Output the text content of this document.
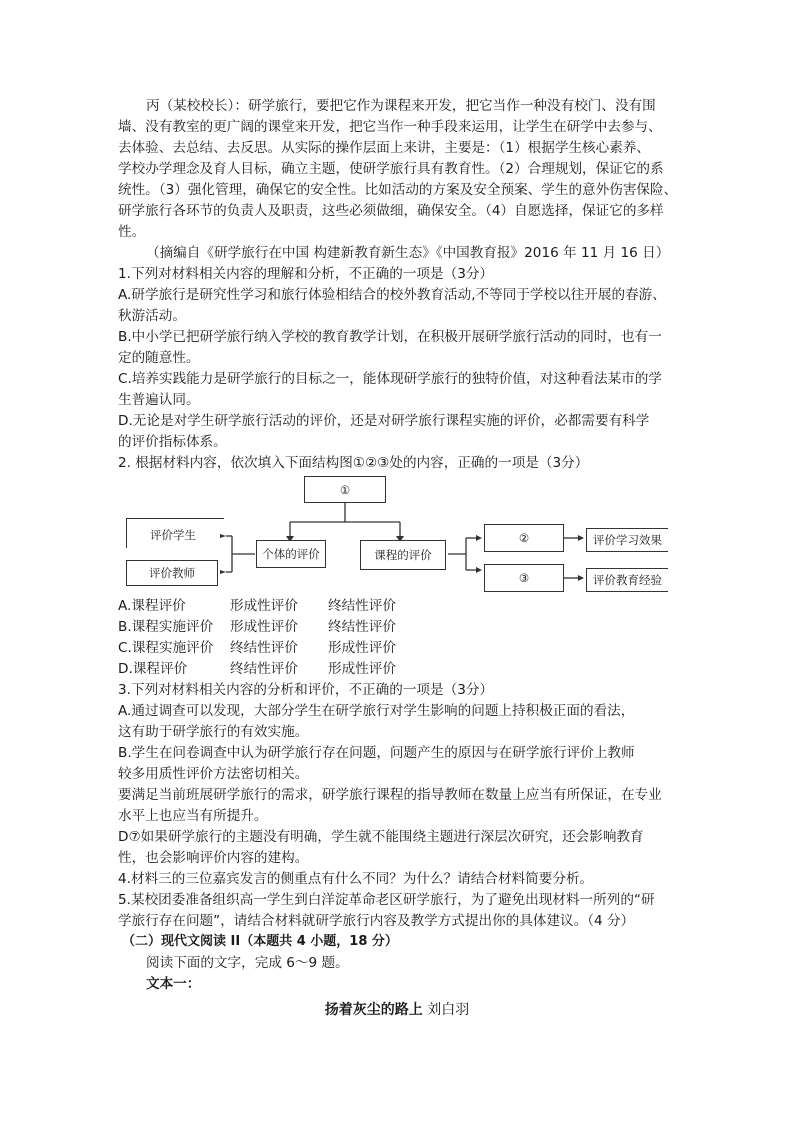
丙（某校校长）：研学旅行，要把它作为课程来开发，把它当作一种没有校门、没有围
墙、没有教室的更广阔的课堂来开发，把它当作一种手段来运用，让学生在研学中去参与、
去体验、去总结、去反思。从实际的操作层面上来讲，主要是：（1）根据学生核心素养、
学校办学理念及育人目标，确立主题，使研学旅行具有教育性。（2）合理规划，保证它的系
统性。（3）强化管理，确保它的安全性。比如活动的方案及安全预案、学生的意外伤害保险、
研学旅行各环节的负责人及职责，这些必须做细，确保安全。（4）自愿选择，保证它的多样
性。
（摘编自《研学旅行在中国 构建新教育新生态》《中国教育报》2016 年 11 月 16 日）
1.下列对材料相关内容的理解和分析，不正确的一项是（3分）
A.研学旅行是研究性学习和旅行体验相结合的校外教育活动,不等同于学校以往开展的春游、
秋游活动。
B.中小学已把研学旅行纳入学校的教育教学计划，在积极开展研学旅行活动的同时，也有一
定的随意性。
C.培养实践能力是研学旅行的目标之一，能体现研学旅行的独特价值，对这种看法某市的学
生普遍认同。
D.无论是对学生研学旅行活动的评价，还是对研学旅行课程实施的评价，必都需要有科学
的评价指标体系。
2. 根据材料内容，依次填入下面结构图①②③处的内容，正确的一项是（3分）
①
评价学生
评价教师
个体的评价	课程的评价
②
③
评价学习效果
评价教育经验
A.课程评价	形成性评价 终结性评价
B.课程实施评价 形成性评价 终结性评价
C.课程实施评价 终结性评价 形成性评价
D.课程评价	终结性评价 形成性评价
3.下列对材料相关内容的分析和评价，不正确的一项是（3分）
A.通过调查可以发现，大部分学生在研学旅行对学生影响的问题上持积极正面的看法，
这有助于研学旅行的有效实施。
B.学生在问卷调查中认为研学旅行存在问题，问题产生的原因与在研学旅行评价上教师
较多用质性评价方法密切相关。
要满足当前班展研学旅行的需求，研学旅行课程的指导教师在数量上应当有所保证，在专业
水平上也应当有所提升。
D⑦如果研学旅行的主题没有明确，学生就不能围绕主题进行深层次研究，还会影响教育
性，也会影响评价内容的建构。
4.材料三的三位嘉宾发言的侧重点有什么不同？为什么？请结合材料简要分析。
5.某校团委准备组织高一学生到白洋淀革命老区研学旅行，为了避免出现材料一所列的“研
学旅行存在问题”，请结合材料就研学旅行内容及教学方式提出你的具体建议。（4 分）
（二）现代文阅读 II（本题共 4 小题，18 分）
阅读下面的文字，完成 6～9 题。
文本一：
扬着灰尘的路上 刘白羽
